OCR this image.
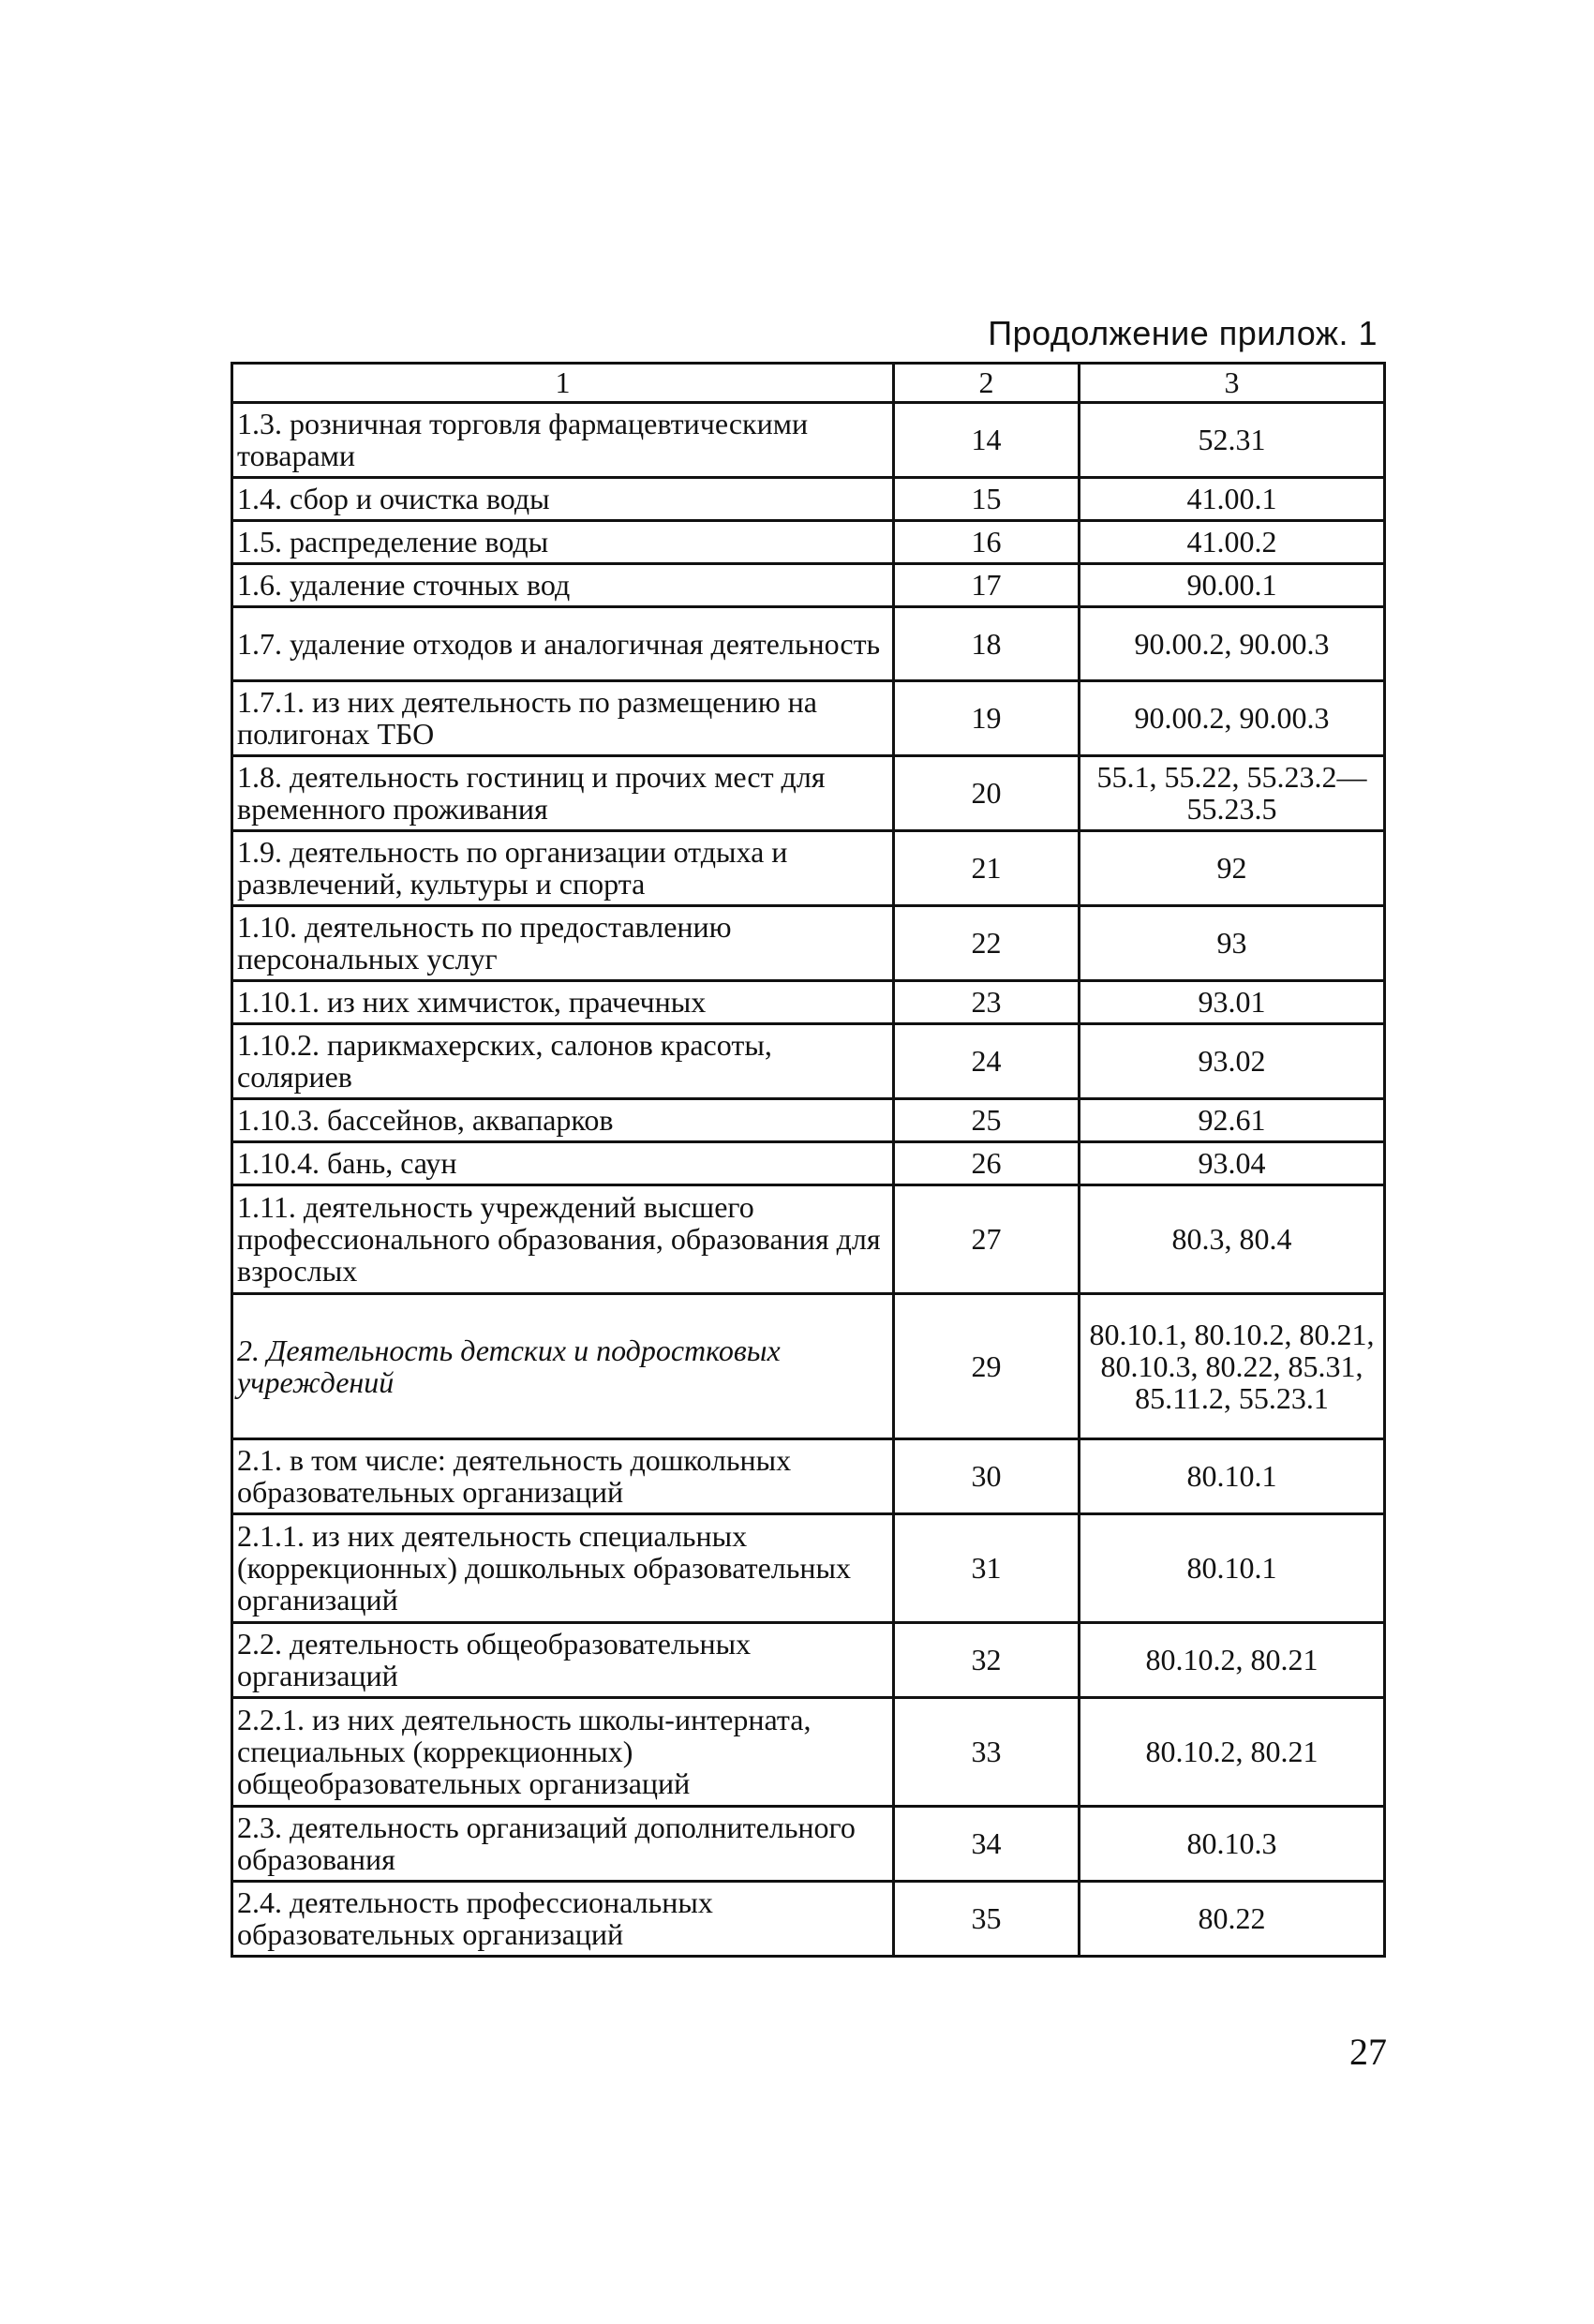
Продолжение прилож. 1
1	2	3
1.3. розничная торговля фармацевтическими товарами	14	52.31
1.4. сбор и очистка воды	15	41.00.1
1.5. распределение воды	16	41.00.2
1.6. удаление сточных вод	17	90.00.1
1.7. удаление отходов и аналогичная деятельность	18	90.00.2, 90.00.3
1.7.1. из них деятельность по размещению на полигонах ТБО	19	90.00.2, 90.00.3
1.8. деятельность гостиниц и прочих мест для временного проживания	20	55.1, 55.22, 55.23.2—55.23.5
1.9. деятельность по организации отдыха и развлечений, культуры и спорта	21	92
1.10. деятельность по предоставлению персональных услуг	22	93
1.10.1. из них химчисток, прачечных	23	93.01
1.10.2. парикмахерских, салонов красоты, соляриев	24	93.02
1.10.3. бассейнов, аквапарков	25	92.61
1.10.4. бань, саун	26	93.04
1.11. деятельность учреждений высшего профессионального образования, образования для взрослых	27	80.3, 80.4
2. Деятельность детских и подростковых учреждений	29	80.10.1, 80.10.2, 80.21, 80.10.3, 80.22, 85.31, 85.11.2, 55.23.1
2.1. в том числе: деятельность дошкольных образовательных организаций	30	80.10.1
2.1.1. из них деятельность специальных (коррекционных) дошкольных образовательных организаций	31	80.10.1
2.2. деятельность общеобразовательных организаций	32	80.10.2, 80.21
2.2.1. из них деятельность школы-интерната, специальных (коррекционных) общеобразовательных организаций	33	80.10.2, 80.21
2.3. деятельность организаций дополнительного образования	34	80.10.3
2.4. деятельность профессиональных образовательных организаций	35	80.22
27
